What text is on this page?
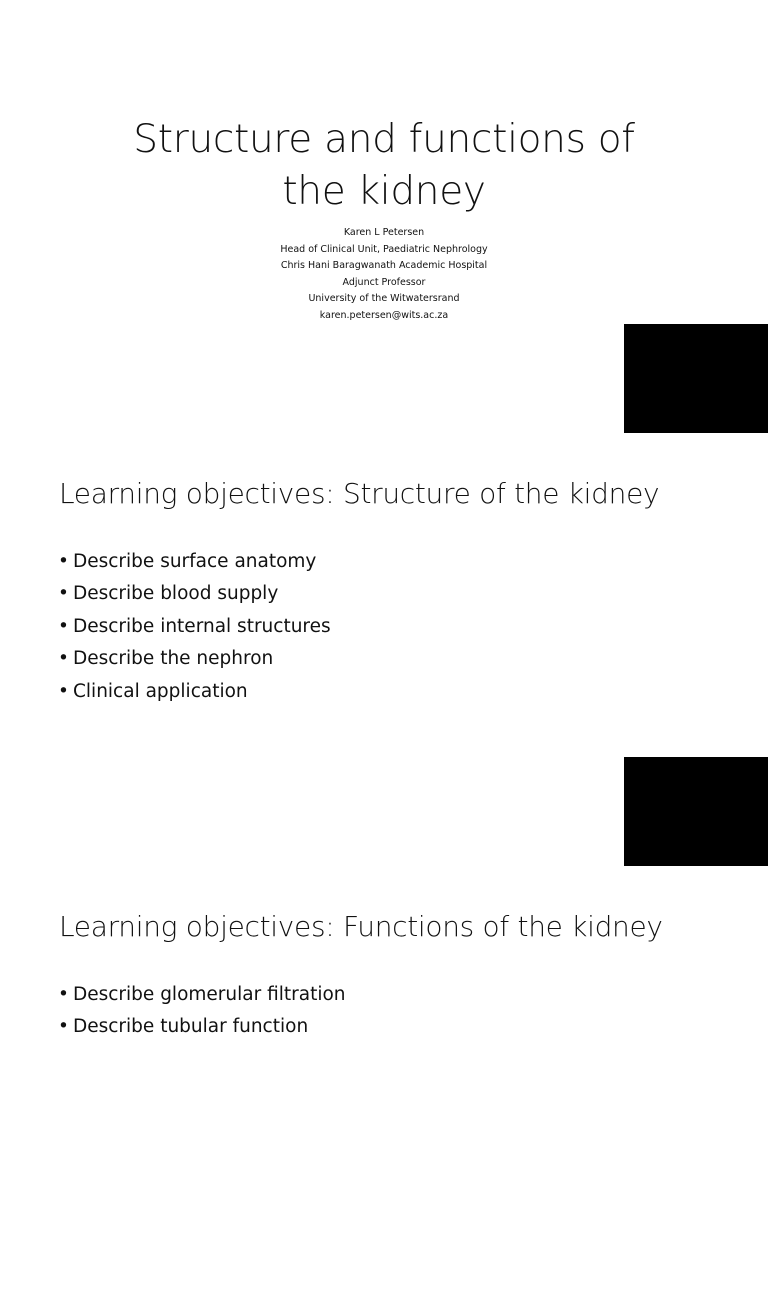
Structure and functions of
the kidney
Karen L Petersen
Head of Clinical Unit, Paediatric Nephrology
Chris Hani Baragwanath Academic Hospital
Adjunct Professor
University of the Witwatersrand
karen.petersen@wits.ac.za
Learning objectives: Structure of the kidney
• Describe surface anatomy
• Describe blood supply
• Describe internal structures
• Describe the nephron
• Clinical application
Learning objectives: Functions of the kidney
• Describe glomerular filtration
• Describe tubular function
